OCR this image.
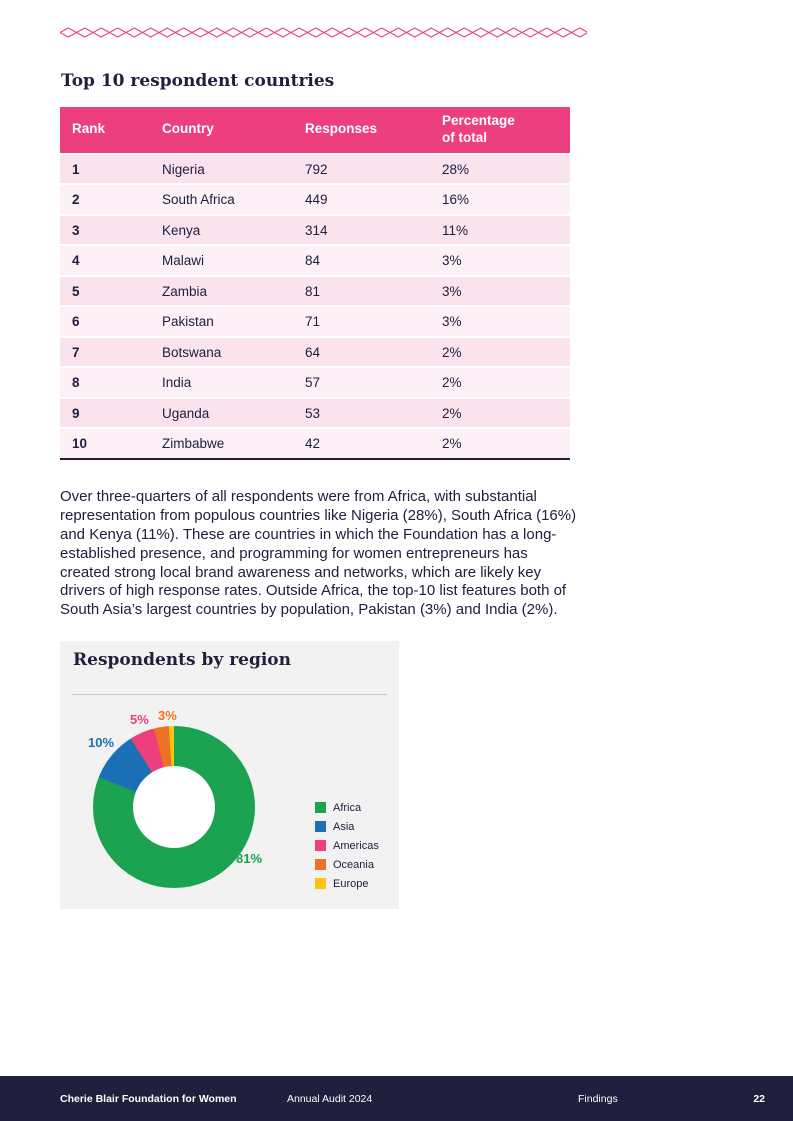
Top 10 respondent countries
Rank	Country	Responses	Percentage of total
1	Nigeria	792	28%
2	South Africa	449	16%
3	Kenya	314	11%
4	Malawi	84	3%
5	Zambia	81	3%
6	Pakistan	71	3%
7	Botswana	64	2%
8	India	57	2%
9	Uganda	53	2%
10	Zimbabwe	42	2%

Over three-quarters of all respondents were from Africa, with substantial representation from populous countries like Nigeria (28%), South Africa (16%) and Kenya (11%). These are countries in which the Foundation has a long-established presence, and programming for women entrepreneurs has created strong local brand awareness and networks, which are likely key drivers of high response rates. Outside Africa, the top-10 list features both of South Asia’s largest countries by population, Pakistan (3%) and India (2%).

Respondents by region
81%
10%
5% 3%
Africa
Asia
Americas
Oceania
Europe
Cherie Blair Foundation for Women	Annual Audit 2024	Findings	22
